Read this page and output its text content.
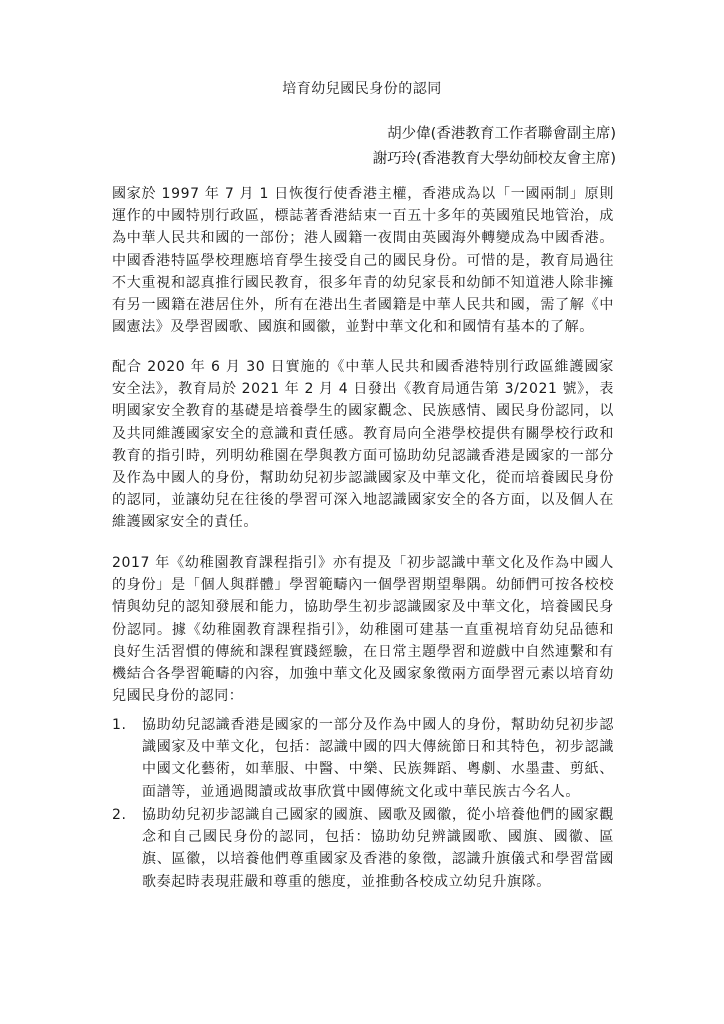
培育幼兒國民身份的認同
胡少偉(香港教育工作者聯會副主席)
謝巧玲(香港教育大學幼師校友會主席)

國家於 1997 年 7 月 1 日恢復行使香港主權，香港成為以「一國兩制」原則運作的中國特別行政區，標誌著香港結束一百五十多年的英國殖民地管治，成為中華人民共和國的一部份；港人國籍一夜間由英國海外轉變成為中國香港。中國香港特區學校理應培育學生接受自己的國民身份。可惜的是，教育局過往不大重視和認真推行國民教育，很多年青的幼兒家長和幼師不知道港人除非擁有另一國籍在港居住外，所有在港出生者國籍是中華人民共和國，需了解《中國憲法》及學習國歌、國旗和國徽，並對中華文化和和國情有基本的了解。

配合 2020 年 6 月 30 日實施的《中華人民共和國香港特別行政區維護國家安全法》，教育局於 2021 年 2 月 4 日發出《教育局通告第 3/2021 號》，表明國家安全教育的基礎是培養學生的國家觀念、民族感情、國民身份認同，以及共同維護國家安全的意識和責任感。教育局向全港學校提供有關學校行政和教育的指引時，列明幼稚園在學與教方面可協助幼兒認識香港是國家的一部分及作為中國人的身份，幫助幼兒初步認識國家及中華文化，從而培養國民身份的認同，並讓幼兒在往後的學習可深入地認識國家安全的各方面，以及個人在維護國家安全的責任。

2017 年《幼稚園教育課程指引》亦有提及「初步認識中華文化及作為中國人的身份」是「個人與群體」學習範疇內一個學習期望舉隅。幼師們可按各校校情與幼兒的認知發展和能力，協助學生初步認識國家及中華文化，培養國民身份認同。據《幼稚園教育課程指引》，幼稚園可建基一直重視培育幼兒品德和良好生活習慣的傳統和課程實踐經驗，在日常主題學習和遊戲中自然連繫和有機結合各學習範疇的內容，加強中華文化及國家象徵兩方面學習元素以培育幼兒國民身份的認同：

1.	協助幼兒認識香港是國家的一部分及作為中國人的身份，幫助幼兒初步認識國家及中華文化，包括：認識中國的四大傳統節日和其特色，初步認識中國文化藝術，如華服、中醫、中樂、民族舞蹈、粵劇、水墨畫、剪紙、面譜等，並通過閱讀或故事欣賞中國傳統文化或中華民族古今名人。
2.	協助幼兒初步認識自己國家的國旗、國歌及國徽，從小培養他們的國家觀念和自己國民身份的認同，包括：協助幼兒辨識國歌、國旗、國徽、區旗、區徽，以培養他們尊重國家及香港的象徵，認識升旗儀式和學習當國歌奏起時表現莊嚴和尊重的態度，並推動各校成立幼兒升旗隊。
